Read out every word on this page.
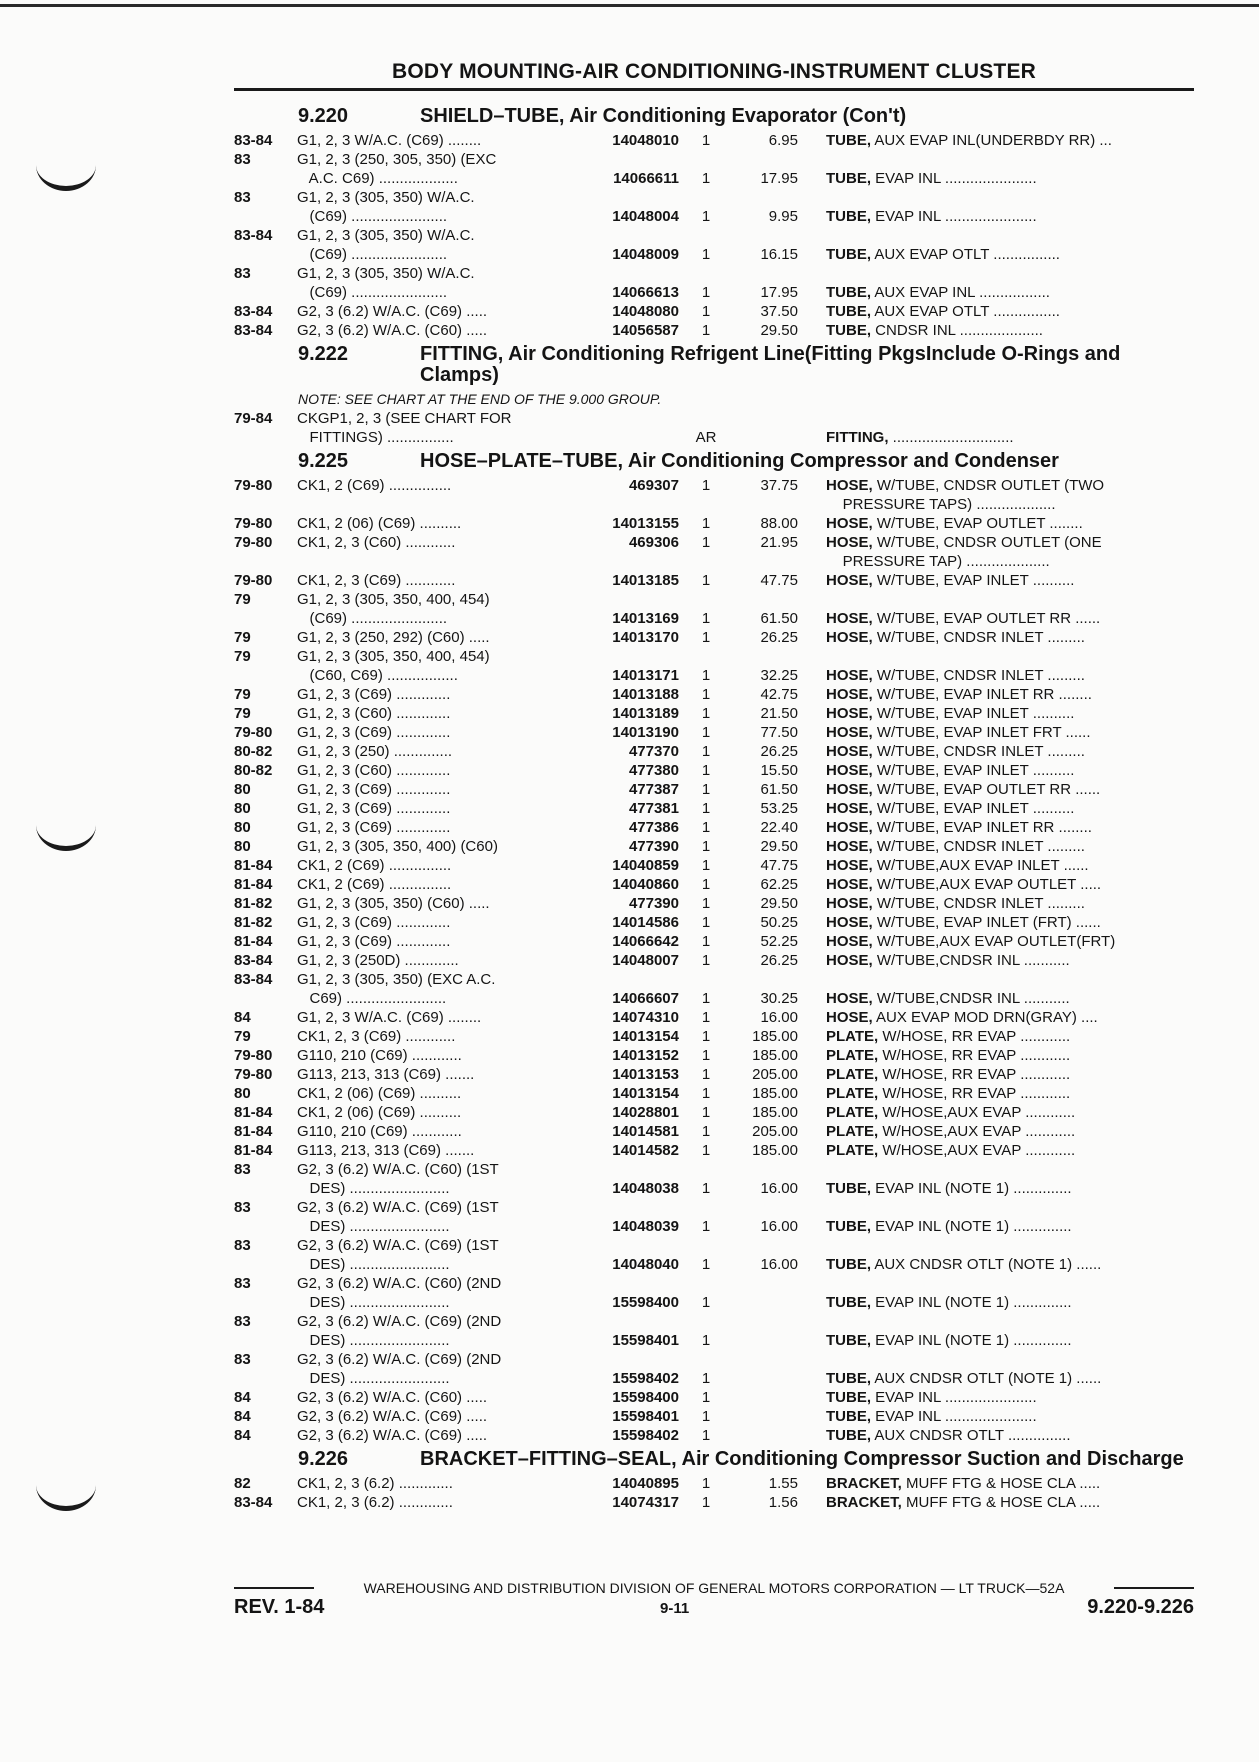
BODY MOUNTING-AIR CONDITIONING-INSTRUMENT CLUSTER
9.220	SHIELD–TUBE, Air Conditioning Evaporator (Con't)
83-84	G1, 2, 3 W/A.C. (C69) ........	14048010	1	6.95	TUBE, AUX EVAP INL(UNDERBDY RR) ...
83	G1, 2, 3 (250, 305, 350) (EXC
A.C. C69) ...................	14066611	1	17.95	TUBE, EVAP INL ......................
83	G1, 2, 3 (305, 350) W/A.C.
(C69) .......................	14048004	1	9.95	TUBE, EVAP INL ......................
83-84	G1, 2, 3 (305, 350) W/A.C.
(C69) .......................	14048009	1	16.15	TUBE, AUX EVAP OTLT ................
83	G1, 2, 3 (305, 350) W/A.C.
(C69) .......................	14066613	1	17.95	TUBE, AUX EVAP INL .................
83-84	G2, 3 (6.2) W/A.C. (C69) .....	14048080	1	37.50	TUBE, AUX EVAP OTLT ................
83-84	G2, 3 (6.2) W/A.C. (C60) .....	14056587	1	29.50	TUBE, CNDSR INL ....................
9.222	FITTING, Air Conditioning Refrigent Line(Fitting PkgsInclude O-Rings and Clamps)
NOTE: SEE CHART AT THE END OF THE 9.000 GROUP.
79-84	CKGP1, 2, 3 (SEE CHART FOR
FITTINGS) ................	AR	FITTING, .............................
9.225	HOSE–PLATE–TUBE, Air Conditioning Compressor and Condenser
79-80	CK1, 2 (C69) ...............	469307	1	37.75	HOSE, W/TUBE, CNDSR OUTLET (TWO
PRESSURE TAPS) ...................
79-80	CK1, 2 (06) (C69) ..........	14013155	1	88.00	HOSE, W/TUBE, EVAP OUTLET ........
79-80	CK1, 2, 3 (C60) ............	469306	1	21.95	HOSE, W/TUBE, CNDSR OUTLET (ONE
PRESSURE TAP) ....................
79-80	CK1, 2, 3 (C69) ............	14013185	1	47.75	HOSE, W/TUBE, EVAP INLET ..........
79	G1, 2, 3 (305, 350, 400, 454)
(C69) .......................	14013169	1	61.50	HOSE, W/TUBE, EVAP OUTLET RR ......
79	G1, 2, 3 (250, 292) (C60) .....	14013170	1	26.25	HOSE, W/TUBE, CNDSR INLET .........
79	G1, 2, 3 (305, 350, 400, 454)
(C60, C69) .................	14013171	1	32.25	HOSE, W/TUBE, CNDSR INLET .........
79	G1, 2, 3 (C69) .............	14013188	1	42.75	HOSE, W/TUBE, EVAP INLET RR ........
79	G1, 2, 3 (C60) .............	14013189	1	21.50	HOSE, W/TUBE, EVAP INLET ..........
79-80	G1, 2, 3 (C69) .............	14013190	1	77.50	HOSE, W/TUBE, EVAP INLET FRT ......
80-82	G1, 2, 3 (250) ..............	477370	1	26.25	HOSE, W/TUBE, CNDSR INLET .........
80-82	G1, 2, 3 (C60) .............	477380	1	15.50	HOSE, W/TUBE, EVAP INLET ..........
80	G1, 2, 3 (C69) .............	477387	1	61.50	HOSE, W/TUBE, EVAP OUTLET RR ......
80	G1, 2, 3 (C69) .............	477381	1	53.25	HOSE, W/TUBE, EVAP INLET ..........
80	G1, 2, 3 (C69) .............	477386	1	22.40	HOSE, W/TUBE, EVAP INLET RR ........
80	G1, 2, 3 (305, 350, 400) (C60)	477390	1	29.50	HOSE, W/TUBE, CNDSR INLET .........
81-84	CK1, 2 (C69) ...............	14040859	1	47.75	HOSE, W/TUBE,AUX EVAP INLET ......
81-84	CK1, 2 (C69) ...............	14040860	1	62.25	HOSE, W/TUBE,AUX EVAP OUTLET .....
81-82	G1, 2, 3 (305, 350) (C60) .....	477390	1	29.50	HOSE, W/TUBE, CNDSR INLET .........
81-82	G1, 2, 3 (C69) .............	14014586	1	50.25	HOSE, W/TUBE, EVAP INLET (FRT) ......
81-84	G1, 2, 3 (C69) .............	14066642	1	52.25	HOSE, W/TUBE,AUX EVAP OUTLET(FRT)
83-84	G1, 2, 3 (250D) .............	14048007	1	26.25	HOSE, W/TUBE,CNDSR INL ...........
83-84	G1, 2, 3 (305, 350) (EXC A.C.
C69) ........................	14066607	1	30.25	HOSE, W/TUBE,CNDSR INL ...........
84	G1, 2, 3 W/A.C. (C69) ........	14074310	1	16.00	HOSE, AUX EVAP MOD DRN(GRAY) ....
79	CK1, 2, 3 (C69) ............	14013154	1	185.00	PLATE, W/HOSE, RR EVAP ............
79-80	G110, 210 (C69) ............	14013152	1	185.00	PLATE, W/HOSE, RR EVAP ............
79-80	G113, 213, 313 (C69) .......	14013153	1	205.00	PLATE, W/HOSE, RR EVAP ............
80	CK1, 2 (06) (C69) ..........	14013154	1	185.00	PLATE, W/HOSE, RR EVAP ............
81-84	CK1, 2 (06) (C69) ..........	14028801	1	185.00	PLATE, W/HOSE,AUX EVAP ............
81-84	G110, 210 (C69) ............	14014581	1	205.00	PLATE, W/HOSE,AUX EVAP ............
81-84	G113, 213, 313 (C69) .......	14014582	1	185.00	PLATE, W/HOSE,AUX EVAP ............
83	G2, 3 (6.2) W/A.C. (C60) (1ST
DES) ........................	14048038	1	16.00	TUBE, EVAP INL (NOTE 1) ..............
83	G2, 3 (6.2) W/A.C. (C69) (1ST
DES) ........................	14048039	1	16.00	TUBE, EVAP INL (NOTE 1) ..............
83	G2, 3 (6.2) W/A.C. (C69) (1ST
DES) ........................	14048040	1	16.00	TUBE, AUX CNDSR OTLT (NOTE 1) ......
83	G2, 3 (6.2) W/A.C. (C60) (2ND
DES) ........................	15598400	1	TUBE, EVAP INL (NOTE 1) ..............
83	G2, 3 (6.2) W/A.C. (C69) (2ND
DES) ........................	15598401	1	TUBE, EVAP INL (NOTE 1) ..............
83	G2, 3 (6.2) W/A.C. (C69) (2ND
DES) ........................	15598402	1	TUBE, AUX CNDSR OTLT (NOTE 1) ......
84	G2, 3 (6.2) W/A.C. (C60) .....	15598400	1	TUBE, EVAP INL ......................
84	G2, 3 (6.2) W/A.C. (C69) .....	15598401	1	TUBE, EVAP INL ......................
84	G2, 3 (6.2) W/A.C. (C69) .....	15598402	1	TUBE, AUX CNDSR OTLT ...............
9.226	BRACKET–FITTING–SEAL, Air Conditioning Compressor Suction and Discharge
82	CK1, 2, 3 (6.2) .............	14040895	1	1.55	BRACKET, MUFF FTG & HOSE CLA .....
83-84	CK1, 2, 3 (6.2) .............	14074317	1	1.56	BRACKET, MUFF FTG & HOSE CLA .....
WAREHOUSING AND DISTRIBUTION DIVISION OF GENERAL MOTORS CORPORATION — LT TRUCK—52A
REV. 1-84	9-11	9.220-9.226
